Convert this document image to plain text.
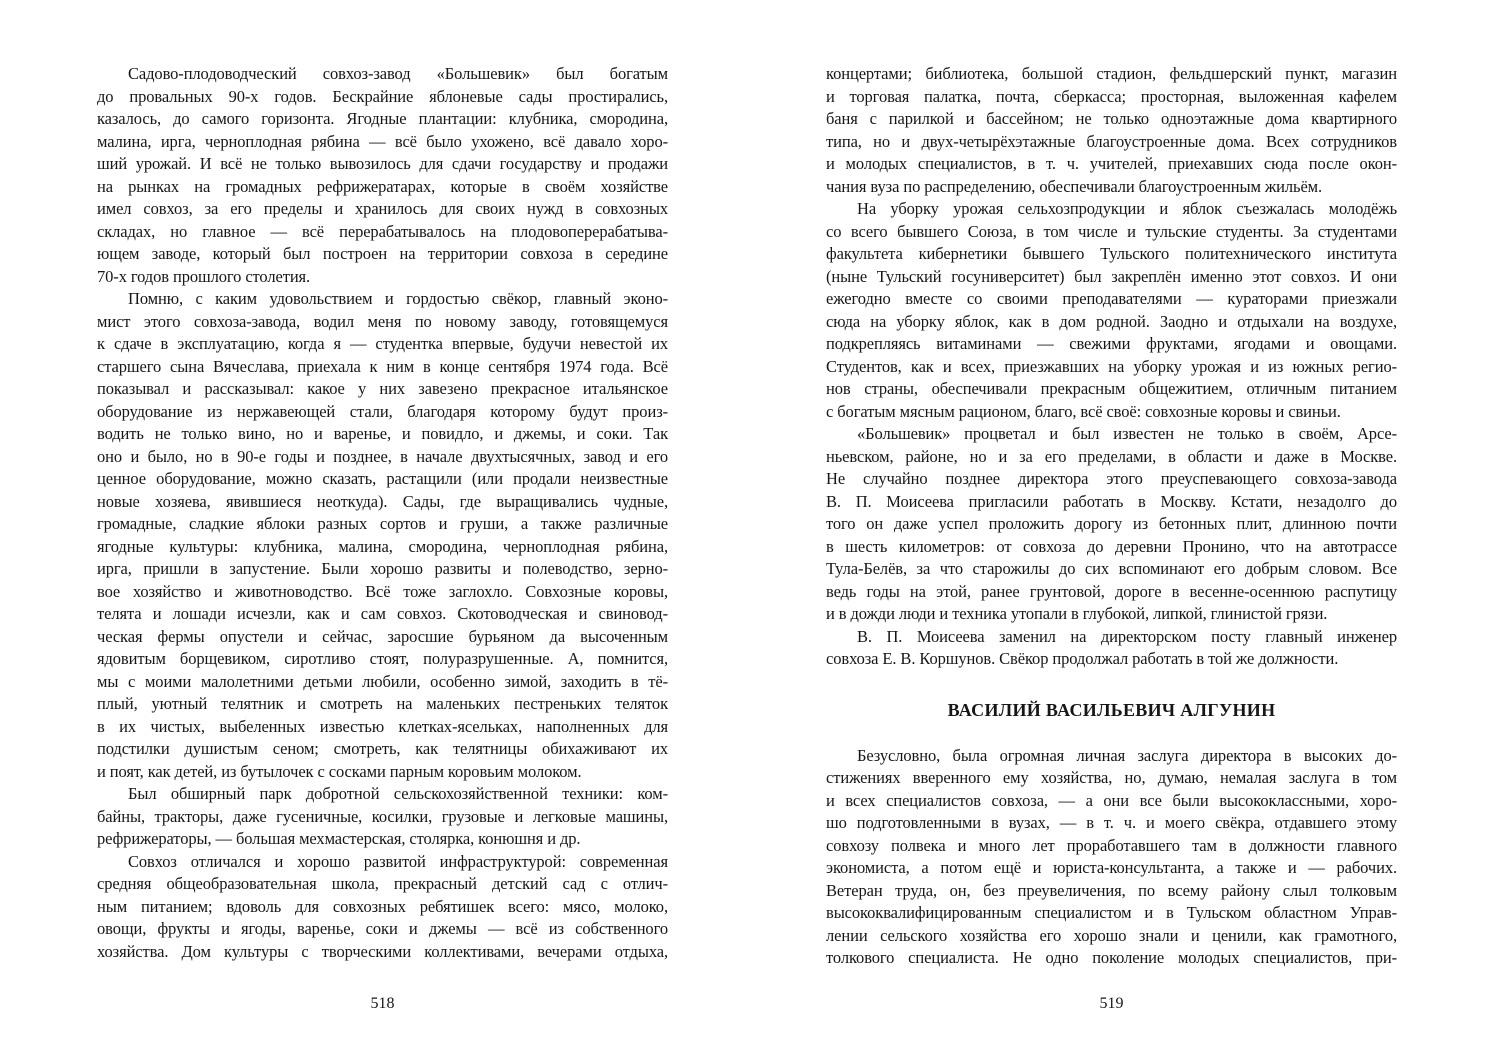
Садово-плодоводческий совхоз-завод «Большевик» был богатым
до провальных 90-х годов. Бескрайние яблоневые сады простирались,
казалось, до самого горизонта. Ягодные плантации: клубника, смородина,
малина, ирга, черноплодная рябина — всё было ухожено, всё давало хоро-
ший урожай. И всё не только вывозилось для сдачи государству и продажи
на рынках на громадных рефрижератарах, которые в своём хозяйстве
имел совхоз, за его пределы и хранилось для своих нужд в совхозных
складах, но главное — всё перерабатывалось на плодовоперерабатыва-
ющем заводе, который был построен на территории совхоза в середине
70-х годов прошлого столетия.
Помню, с каким удовольствием и гордостью свёкор, главный эконо-
мист этого совхоза-завода, водил меня по новому заводу, готовящемуся
к сдаче в эксплуатацию, когда я — студентка впервые, будучи невестой их
старшего сына Вячеслава, приехала к ним в конце сентября 1974 года. Всё
показывал и рассказывал: какое у них завезено прекрасное итальянское
оборудование из нержавеющей стали, благодаря которому будут произ-
водить не только вино, но и варенье, и повидло, и джемы, и соки. Так
оно и было, но в 90-е годы и позднее, в начале двухтысячных, завод и его
ценное оборудование, можно сказать, растащили (или продали неизвестные
новые хозяева, явившиеся неоткуда). Сады, где выращивались чудные,
громадные, сладкие яблоки разных сортов и груши, а также различные
ягодные культуры: клубника, малина, смородина, черноплодная рябина,
ирга, пришли в запустение. Были хорошо развиты и полеводство, зерно-
вое хозяйство и животноводство. Всё тоже заглохло. Совхозные коровы,
телята и лошади исчезли, как и сам совхоз. Скотоводческая и свиновод-
ческая фермы опустели и сейчас, заросшие бурьяном да высоченным
ядовитым борщевиком, сиротливо стоят, полуразрушенные. А, помнится,
мы с моими малолетними детьми любили, особенно зимой, заходить в тё-
плый, уютный телятник и смотреть на маленьких пестреньких теляток
в их чистых, выбеленных известью клетках-ясельках, наполненных для
подстилки душистым сеном; смотреть, как телятницы обихаживают их
и поят, как детей, из бутылочек с сосками парным коровьим молоком.
Был обширный парк добротной сельскохозяйственной техники: ком-
байны, тракторы, даже гусеничные, косилки, грузовые и легковые машины,
рефрижераторы, — большая мехмастерская, столярка, конюшня и др.
Совхоз отличался и хорошо развитой инфраструктурой: современная
средняя общеобразовательная школа, прекрасный детский сад с отлич-
ным питанием; вдоволь для совхозных ребятишек всего: мясо, молоко,
овощи, фрукты и ягоды, варенье, соки и джемы — всё из собственного
хозяйства. Дом культуры с творческими коллективами, вечерами отдыха,
концертами; библиотека, большой стадион, фельдшерский пункт, магазин
и торговая палатка, почта, сберкасса; просторная, выложенная кафелем
баня с парилкой и бассейном; не только одноэтажные дома квартирного
типа, но и двух-четырёхэтажные благоустроенные дома. Всех сотрудников
и молодых специалистов, в т. ч. учителей, приехавших сюда после окон-
чания вуза по распределению, обеспечивали благоустроенным жильём.
На уборку урожая сельхозпродукции и яблок съезжалась молодёжь
со всего бывшего Союза, в том числе и тульские студенты. За студентами
факультета кибернетики бывшего Тульского политехнического института
(ныне Тульский госуниверситет) был закреплён именно этот совхоз. И они
ежегодно вместе со своими преподавателями — кураторами приезжали
сюда на уборку яблок, как в дом родной. Заодно и отдыхали на воздухе,
подкрепляясь витаминами — свежими фруктами, ягодами и овощами.
Студентов, как и всех, приезжавших на уборку урожая и из южных регио-
нов страны, обеспечивали прекрасным общежитием, отличным питанием
с богатым мясным рационом, благо, всё своё: совхозные коровы и свиньи.
«Большевик» процветал и был известен не только в своём, Арсе-
ньевском, районе, но и за его пределами, в области и даже в Москве.
Не случайно позднее директора этого преуспевающего совхоза-завода
В. П. Моисеева пригласили работать в Москву. Кстати, незадолго до
того он даже успел проложить дорогу из бетонных плит, длинною почти
в шесть километров: от совхоза до деревни Пронино, что на автотрассе
Тула-Белёв, за что старожилы до сих вспоминают его добрым словом. Все
ведь годы на этой, ранее грунтовой, дороге в весенне-осеннюю распутицу
и в дожди люди и техника утопали в глубокой, липкой, глинистой грязи.
В. П. Моисеева заменил на директорском посту главный инженер
совхоза Е. В. Коршунов. Свёкор продолжал работать в той же должности.
ВАСИЛИЙ ВАСИЛЬЕВИЧ АЛГУНИН
Безусловно, была огромная личная заслуга директора в высоких до-
стижениях вверенного ему хозяйства, но, думаю, немалая заслуга в том
и всех специалистов совхоза, — а они все были высококлассными, хоро-
шо подготовленными в вузах, — в т. ч. и моего свёкра, отдавшего этому
совхозу полвека и много лет проработавшего там в должности главного
экономиста, а потом ещё и юриста-консультанта, а также и — рабочих.
Ветеран труда, он, без преувеличения, по всему району слыл толковым
высококвалифицированным специалистом и в Тульском областном Управ-
лении сельского хозяйства его хорошо знали и ценили, как грамотного,
толкового специалиста. Не одно поколение молодых специалистов, при-
518	519
